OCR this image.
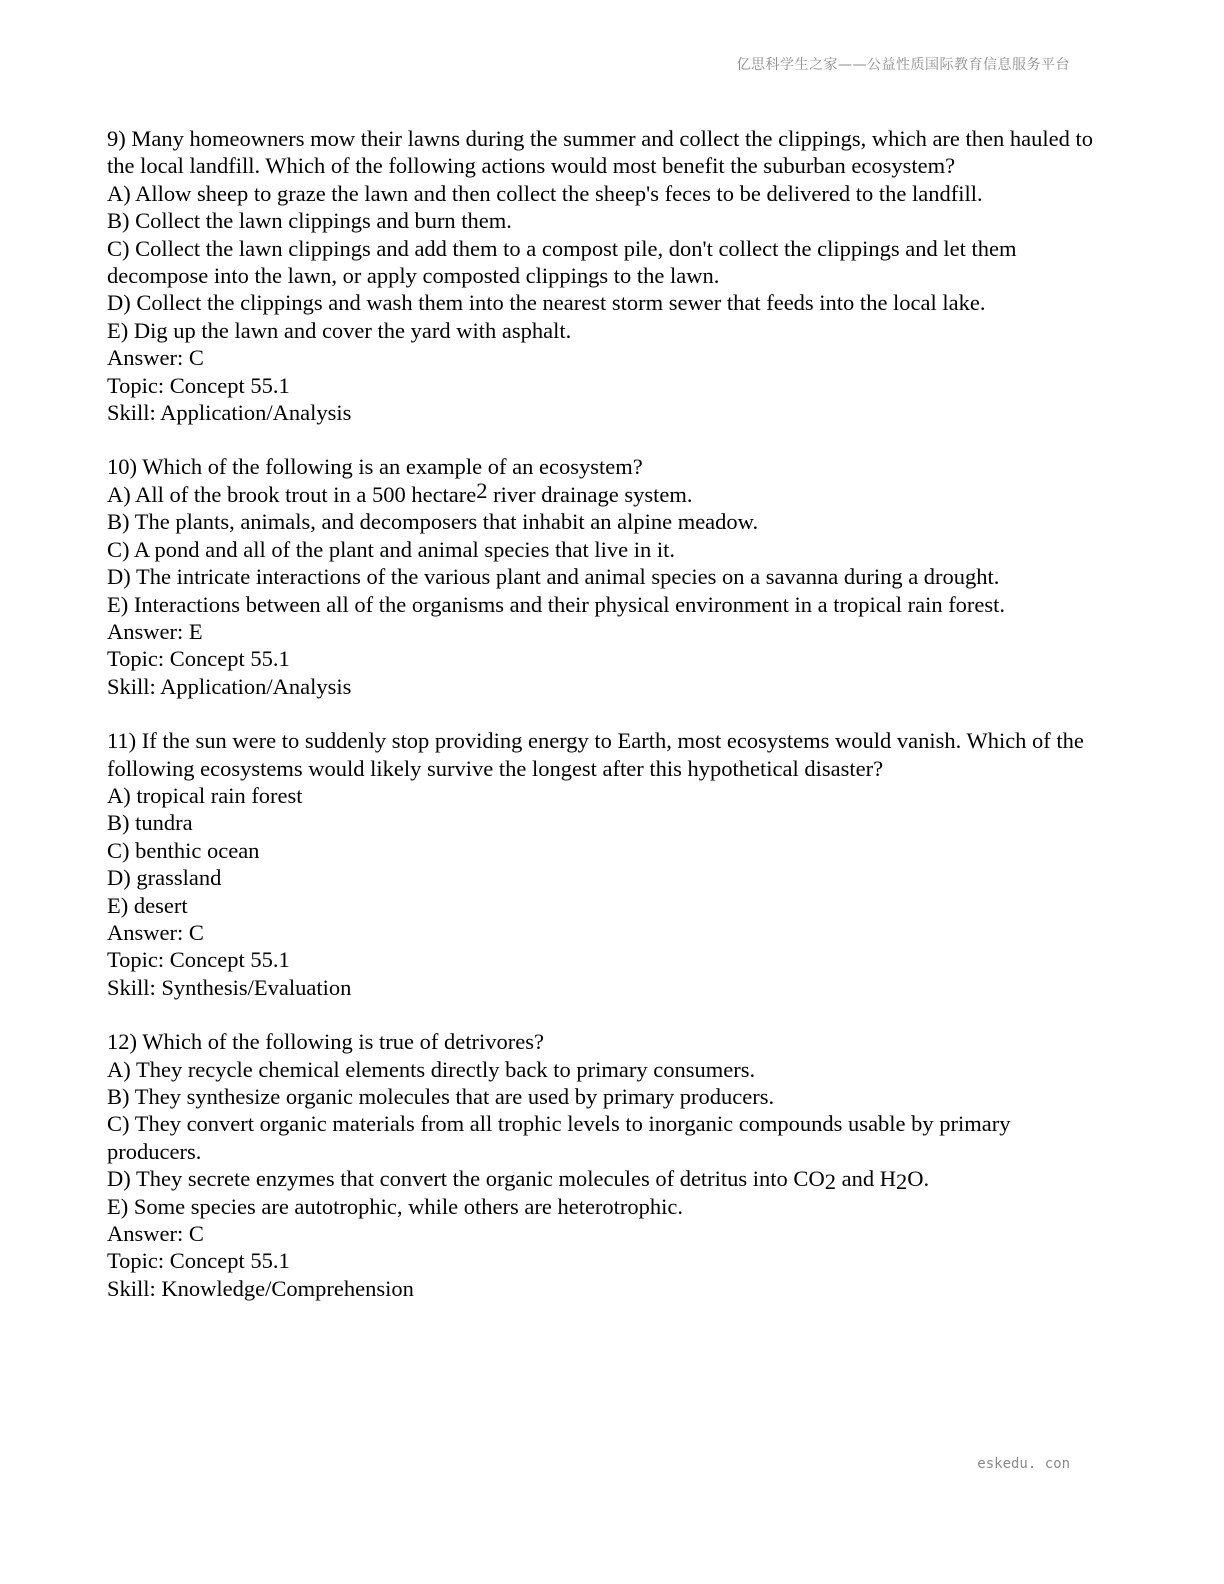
亿思科学生之家——公益性质国际教育信息服务平台

9) Many homeowners mow their lawns during the summer and collect the clippings, which are then hauled to the local landfill. Which of the following actions would most benefit the suburban ecosystem?

A) Allow sheep to graze the lawn and then collect the sheep's feces to be delivered to the landfill.

B) Collect the lawn clippings and burn them.

C) Collect the lawn clippings and add them to a compost pile, don't collect the clippings and let them decompose into the lawn, or apply composted clippings to the lawn.

D) Collect the clippings and wash them into the nearest storm sewer that feeds into the local lake.

E) Dig up the lawn and cover the yard with asphalt.

Answer: C

Topic: Concept 55.1

Skill: Application/Analysis

10) Which of the following is an example of an ecosystem?

A) All of the brook trout in a 500 hectare2 river drainage system.

B) The plants, animals, and decomposers that inhabit an alpine meadow.

C) A pond and all of the plant and animal species that live in it.

D) The intricate interactions of the various plant and animal species on a savanna during a drought.

E) Interactions between all of the organisms and their physical environment in a tropical rain forest.

Answer: E

Topic: Concept 55.1

Skill: Application/Analysis

11) If the sun were to suddenly stop providing energy to Earth, most ecosystems would vanish. Which of the following ecosystems would likely survive the longest after this hypothetical disaster?

A) tropical rain forest

B) tundra

C) benthic ocean

D) grassland

E) desert

Answer: C

Topic: Concept 55.1

Skill: Synthesis/Evaluation

12) Which of the following is true of detrivores?

A) They recycle chemical elements directly back to primary consumers.

B) They synthesize organic molecules that are used by primary producers.

C) They convert organic materials from all trophic levels to inorganic compounds usable by primary producers.

D) They secrete enzymes that convert the organic molecules of detritus into CO2 and H2O.

E) Some species are autotrophic, while others are heterotrophic.

Answer: C

Topic: Concept 55.1

Skill: Knowledge/Comprehension

eskedu. con
